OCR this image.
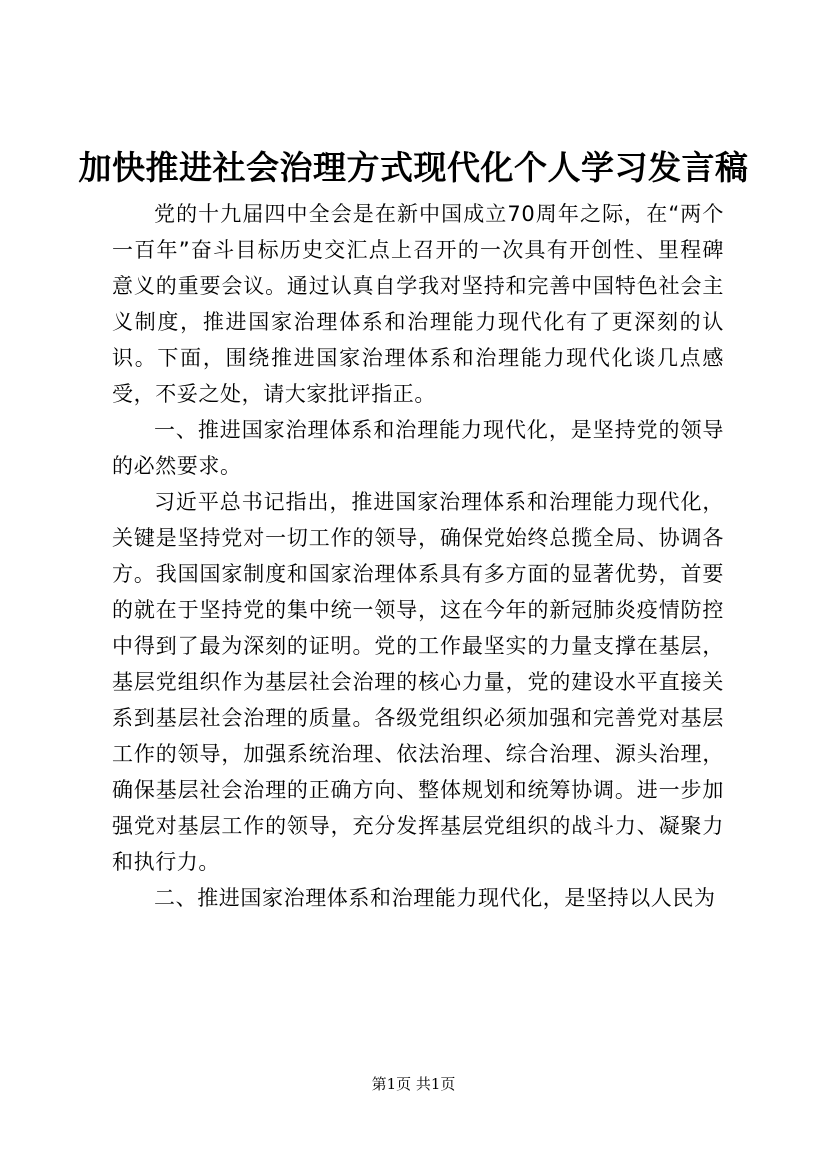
加快推进社会治理方式现代化个人学习发言稿

党的十九届四中全会是在新中国成立70周年之际，在“两个一百年”奋斗目标历史交汇点上召开的一次具有开创性、里程碑意义的重要会议。通过认真自学我对坚持和完善中国特色社会主义制度，推进国家治理体系和治理能力现代化有了更深刻的认识。下面，围绕推进国家治理体系和治理能力现代化谈几点感受，不妥之处，请大家批评指正。

一、推进国家治理体系和治理能力现代化，是坚持党的领导的必然要求。

习近平总书记指出，推进国家治理体系和治理能力现代化，关键是坚持党对一切工作的领导，确保党始终总揽全局、协调各方。我国国家制度和国家治理体系具有多方面的显著优势，首要的就在于坚持党的集中统一领导，这在今年的新冠肺炎疫情防控中得到了最为深刻的证明。党的工作最坚实的力量支撑在基层，基层党组织作为基层社会治理的核心力量，党的建设水平直接关系到基层社会治理的质量。各级党组织必须加强和完善党对基层工作的领导，加强系统治理、依法治理、综合治理、源头治理，确保基层社会治理的正确方向、整体规划和统筹协调。进一步加强党对基层工作的领导，充分发挥基层党组织的战斗力、凝聚力和执行力。

二、推进国家治理体系和治理能力现代化，是坚持以人民为

第1页 共1页
